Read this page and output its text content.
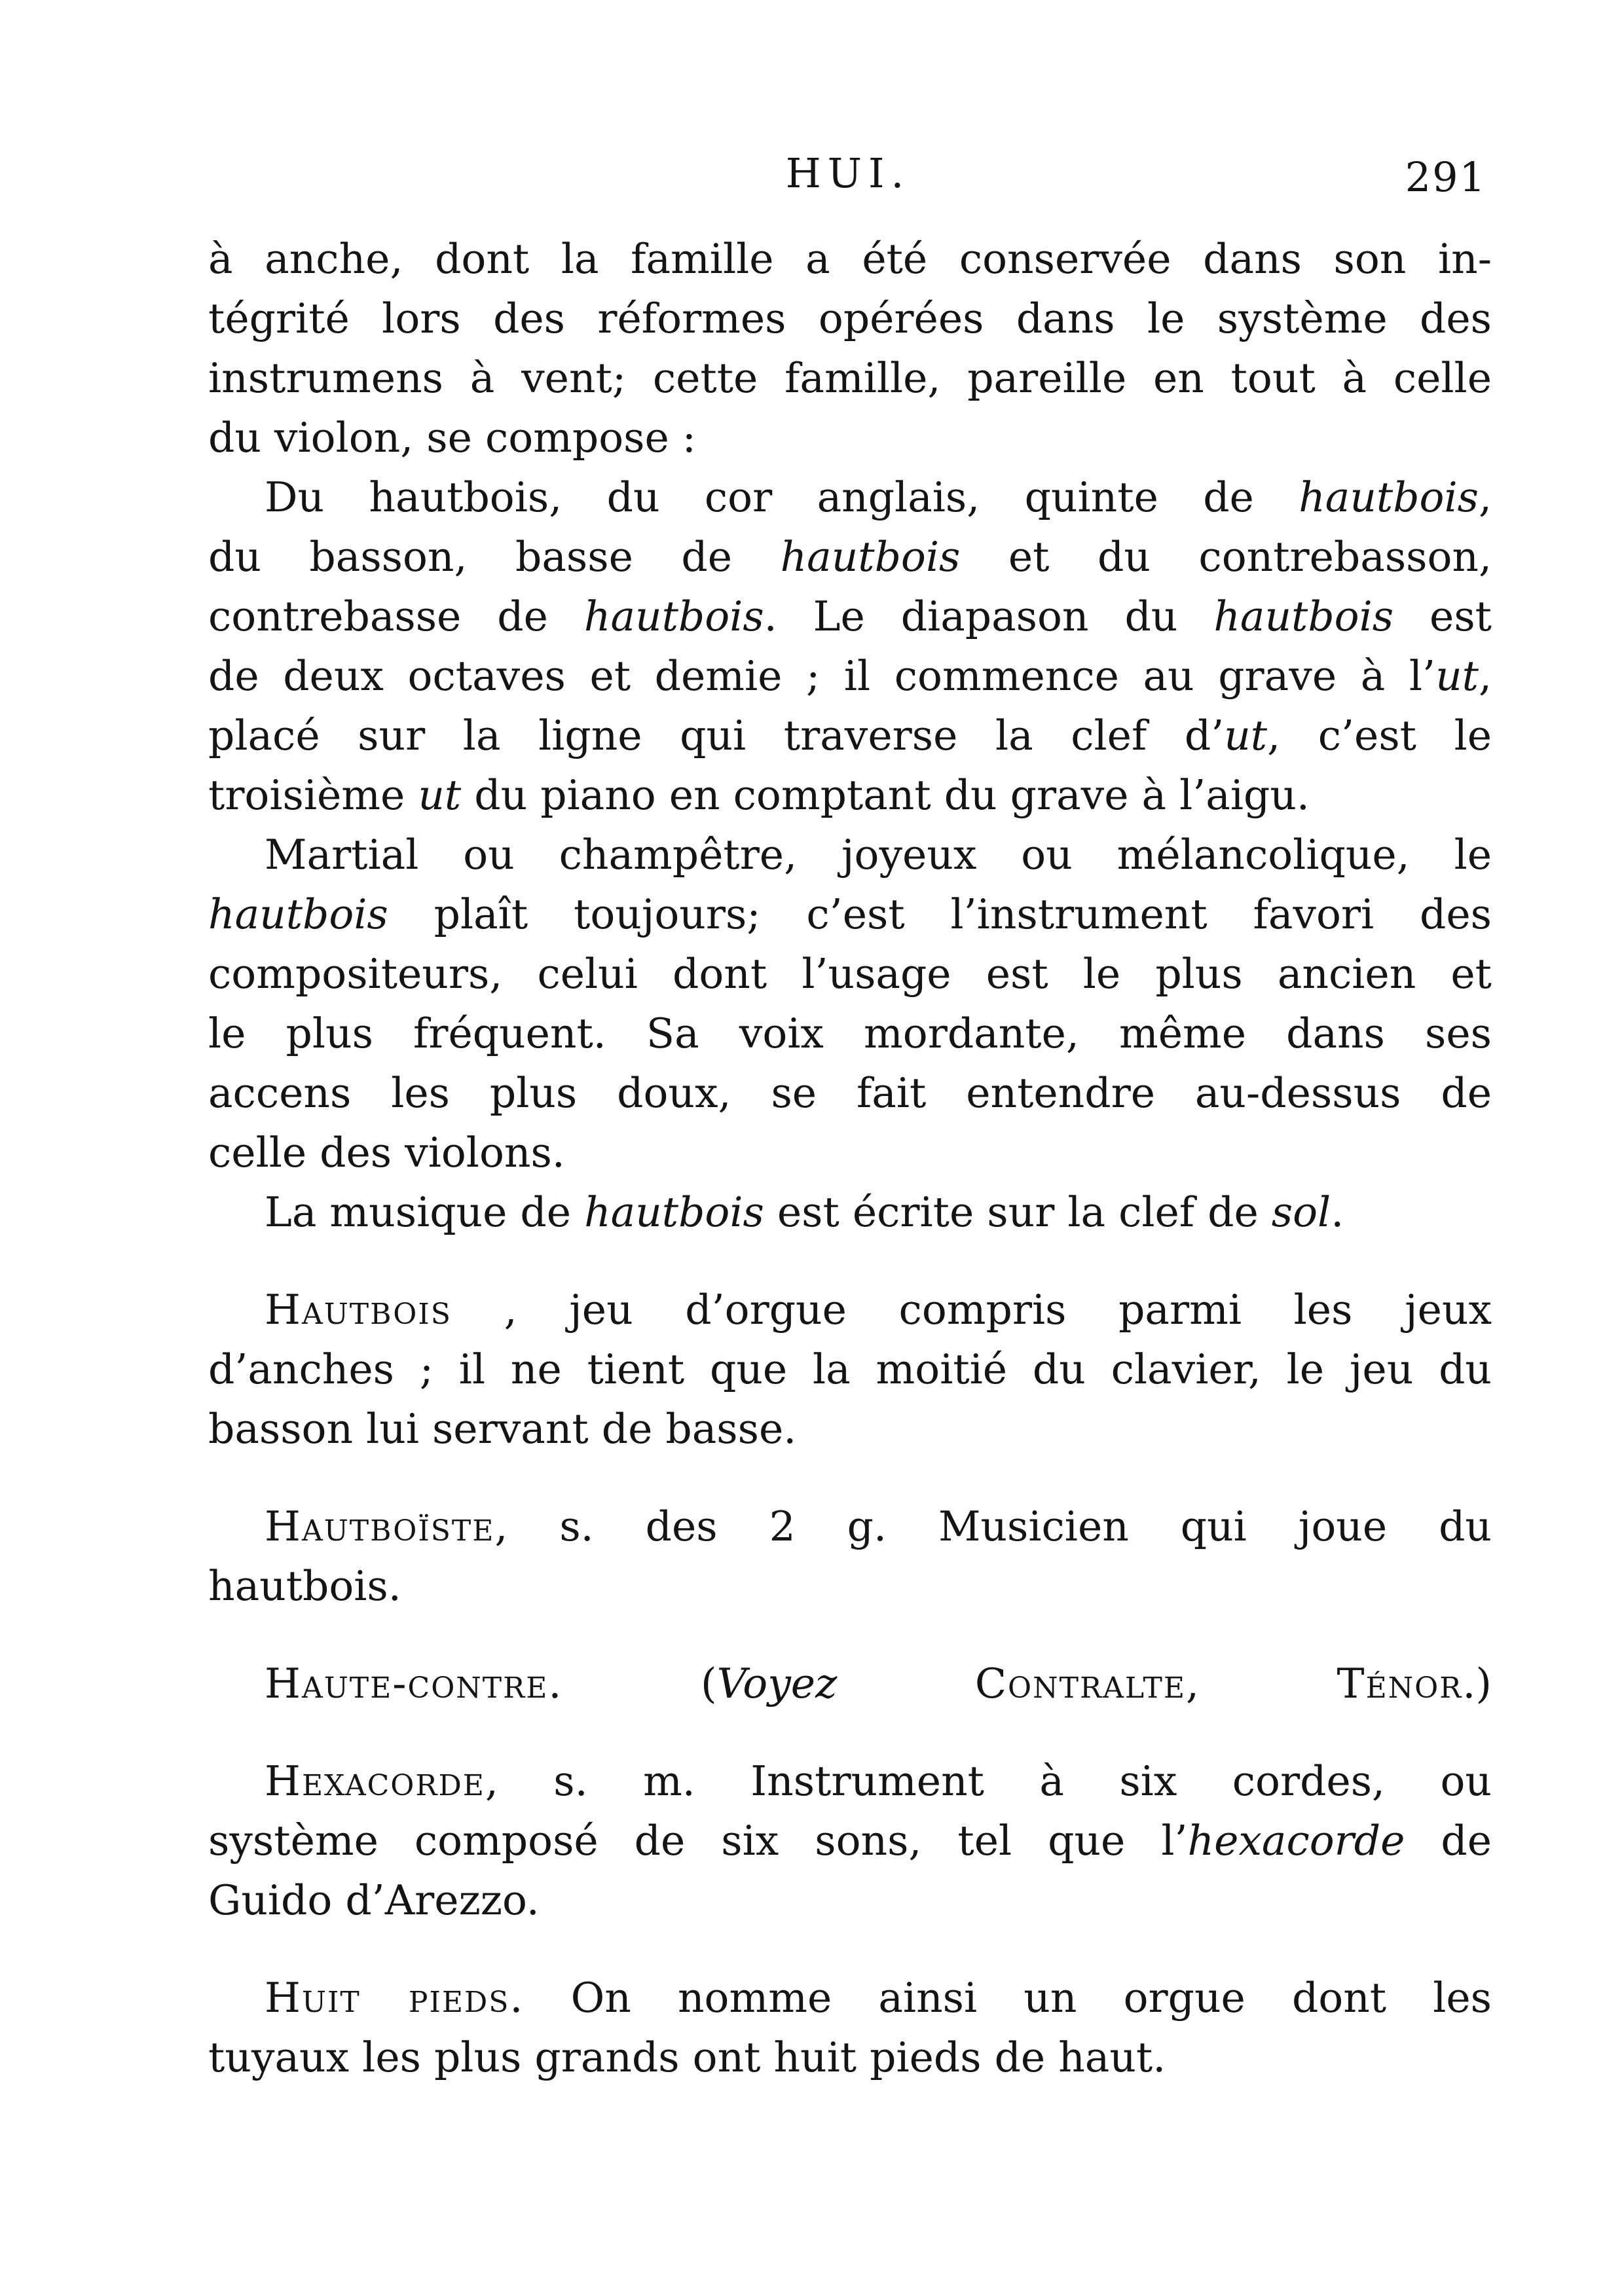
HUI.	291
à anche, dont la famille a été conservée dans son in-
tégrité lors des réformes opérées dans le système des
instrumens à vent; cette famille, pareille en tout à celle
du violon, se compose :
Du hautbois, du cor anglais, quinte de hautbois,
du basson, basse de hautbois et du contrebasson,
contrebasse de hautbois. Le diapason du hautbois est
de deux octaves et demie ; il commence au grave à l’ut,
placé sur la ligne qui traverse la clef d’ut, c’est le
troisième ut du piano en comptant du grave à l’aigu.
Martial ou champêtre, joyeux ou mélancolique, le
hautbois plaît toujours; c’est l’instrument favori des
compositeurs, celui dont l’usage est le plus ancien et
le plus fréquent. Sa voix mordante, même dans ses
accens les plus doux, se fait entendre au-dessus de
celle des violons.
La musique de hautbois est écrite sur la clef de sol.
Hautbois , jeu d’orgue compris parmi les jeux
d’anches ; il ne tient que la moitié du clavier, le jeu du
basson lui servant de basse.
Hautboïste, s. des 2 g. Musicien qui joue du
hautbois.
Haute-contre. (Voyez	Contralte, Ténor.)
Hexacorde, s. m. Instrument à six cordes, ou
système composé de six sons, tel que l’hexacorde de
Guido d’Arezzo.
Huit pieds. On nomme ainsi un orgue dont les
tuyaux les plus grands ont huit pieds de haut.
